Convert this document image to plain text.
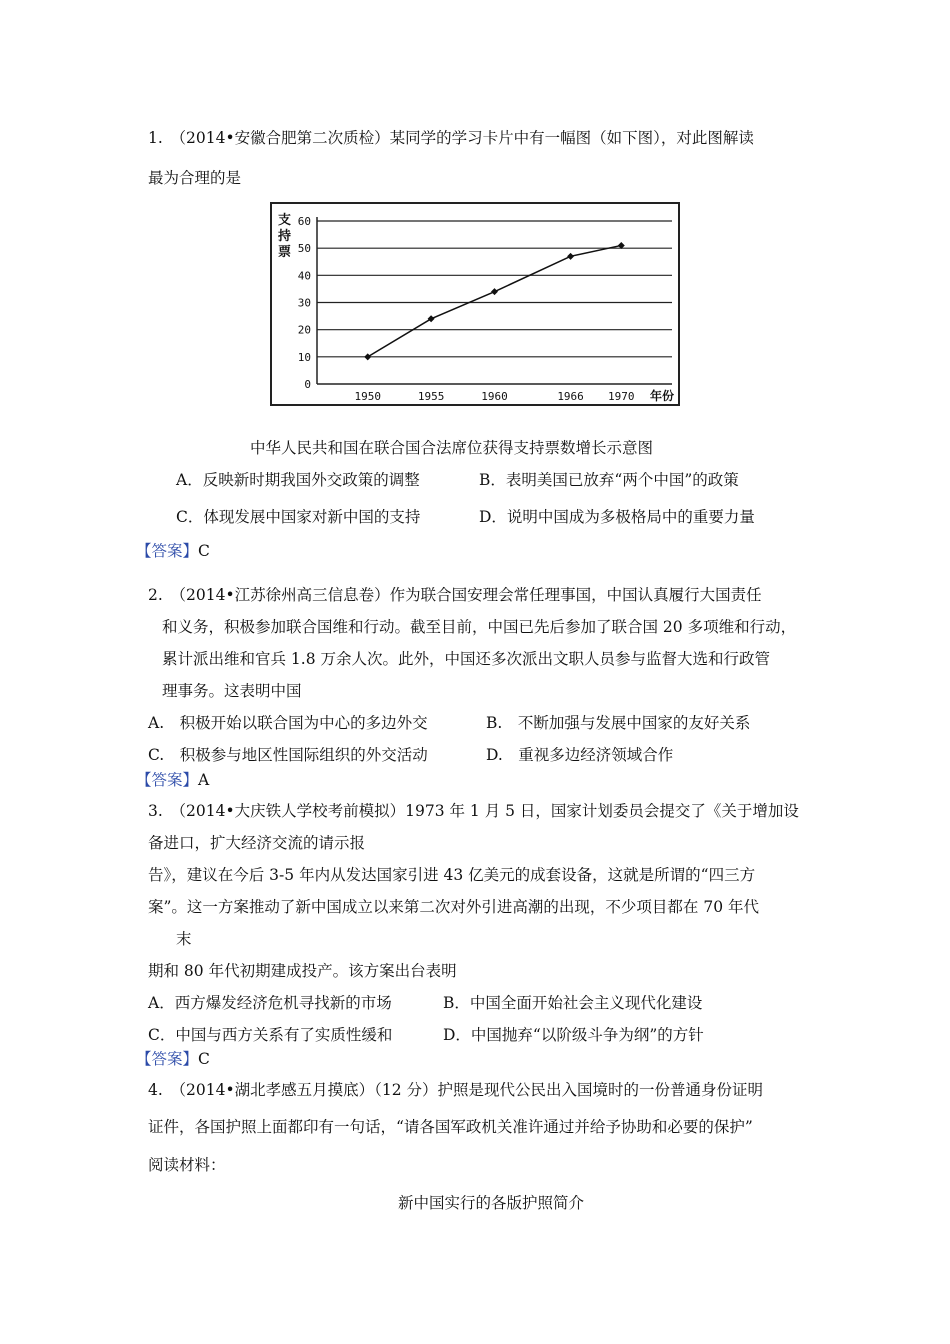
1.　（2014•安徽合肥第二次质检）某同学的学习卡片中有一幅图（如下图），对此图解读
最为合理的是
0
10
20
30
40
50
60
1950	1955	1960	1966 1970 年份
支持票
中华人民共和国在联合国合法席位获得支持票数增长示意图
A．反映新时期我国外交政策的调整	B．表明美国已放弃“两个中国”的政策
C．体现发展中国家对新中国的支持	D．说明中国成为多极格局中的重要力量
【答案】C
2.　（2014•江苏徐州高三信息卷）作为联合国安理会常任理事国，中国认真履行大国责任
和义务，积极参加联合国维和行动。截至目前，中国已先后参加了联合国 20 多项维和行动，
累计派出维和官兵 1.8 万余人次。此外，中国还多次派出文职人员参与监督大选和行政管
理事务。这表明中国
A.　积极开始以联合国为中心的多边外交	B.　不断加强与发展中国家的友好关系
C.　积极参与地区性国际组织的外交活动	D.　重视多边经济领域合作
【答案】A
3.　（2014•大庆铁人学校考前模拟）1973 年 1 月 5 日，国家计划委员会提交了《关于增加设
备进口，扩大经济交流的请示报
告》，建议在今后 3-5 年内从发达国家引进 43 亿美元的成套设备，这就是所谓的“四三方
案”。这一方案推动了新中国成立以来第二次对外引进高潮的出现，不少项目都在 70 年代
末
期和 80 年代初期建成投产。该方案出台表明
A．西方爆发经济危机寻找新的市场	B．中国全面开始社会主义现代化建设
C．中国与西方关系有了实质性缓和	D．中国抛弃“以阶级斗争为纲”的方针
【答案】C
4.　（2014•湖北孝感五月摸底）（12 分）护照是现代公民出入国境时的一份普通身份证明
证件，各国护照上面都印有一句话，“请各国军政机关准许通过并给予协助和必要的保护”
阅读材料：
新中国实行的各版护照简介
